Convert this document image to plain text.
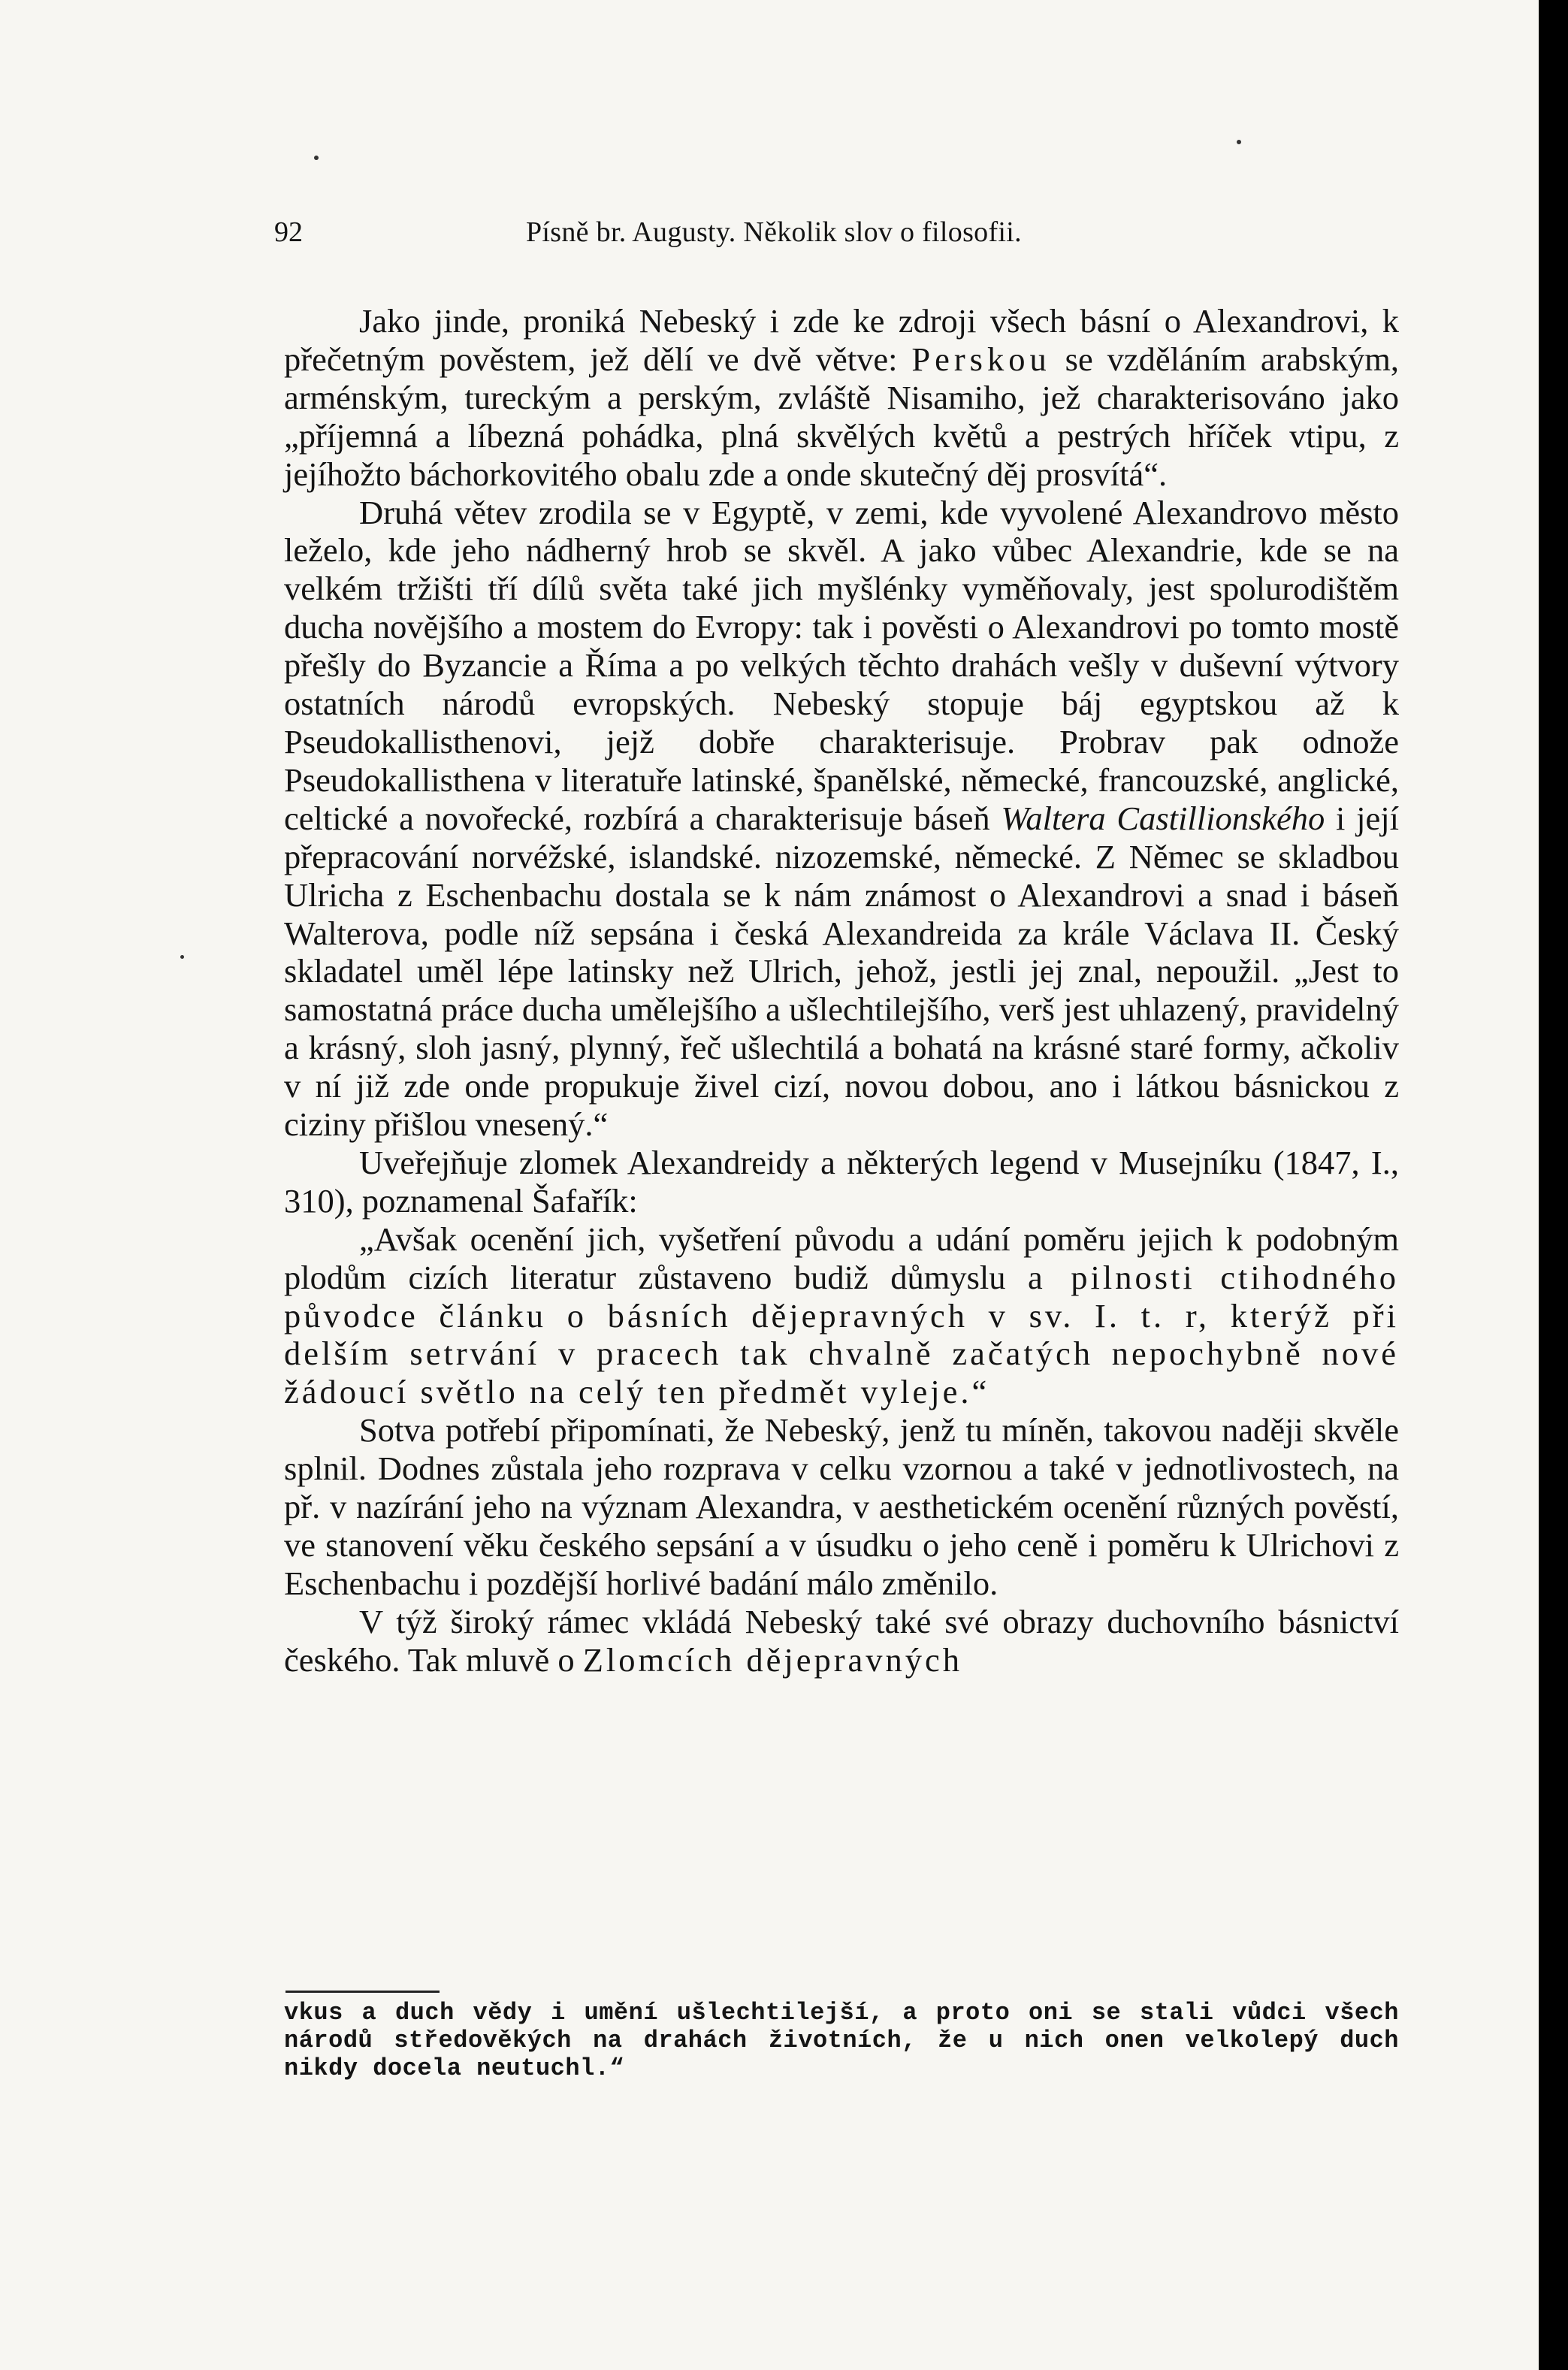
92	Písně br. Augusty. Několik slov o filosofii.

Jako jinde, proniká Nebeský i zde ke zdroji všech básní o Alexandrovi, k přečetným pověstem, jež dělí ve dvě větve: Perskou se vzděláním arabským, arménským, tureckým a perským, zvláště Nisamiho, jež charakterisováno jako „příjemná a líbezná pohádka, plná skvělých květů a pestrých hříček vtipu, z jejíhožto báchorkovitého obalu zde a onde skutečný děj prosvítá“.

Druhá větev zrodila se v Egyptě, v zemi, kde vyvolené Alexandrovo město leželo, kde jeho nádherný hrob se skvěl. A jako vůbec Alexandrie, kde se na velkém tržišti tří dílů světa také jich myšlénky vyměňovaly, jest spolurodištěm ducha novějšího a mostem do Evropy: tak i pověsti o Alexandrovi po tomto mostě přešly do Byzancie a Říma a po velkých těchto drahách vešly v duševní výtvory ostatních národů evropských. Nebeský stopuje báj egyptskou až k Pseudokallisthenovi, jejž dobře charakterisuje. Probrav pak odnože Pseudokallisthena v literatuře latinské, španělské, německé, francouzské, anglické, celtické a novořecké, rozbírá a charakterisuje báseň Waltera Castillionského i její přepracování norvéžské, islandské. nizozemské, německé. Z Němec se skladbou Ulricha z Eschenbachu dostala se k nám známost o Alexandrovi a snad i báseň Walterova, podle níž sepsána i česká Alexandreida za krále Václava II. Český skladatel uměl lépe latinsky než Ulrich, jehož, jestli jej znal, nepoužil. „Jest to samostatná práce ducha umělejšího a ušlechtilejšího, verš jest uhlazený, pravidelný a krásný, sloh jasný, plynný, řeč ušlechtilá a bohatá na krásné staré formy, ačkoliv v ní již zde onde propukuje živel cizí, novou dobou, ano i látkou básnickou z ciziny přišlou vnesený.“

Uveřejňuje zlomek Alexandreidy a některých legend v Musejníku (1847, I., 310), poznamenal Šafařík:

„Avšak ocenění jich, vyšetření původu a udání poměru jejich k podobným plodům cizích literatur zůstaveno budiž důmyslu a pilnosti ctihodného původce článku o básních dějepravných v sv. I. t. r, kterýž při delším setrvání v pracech tak chvalně začatých nepochybně nové žádoucí světlo na celý ten předmět vyleje.“

Sotva potřebí připomínati, že Nebeský, jenž tu míněn, takovou naději skvěle splnil. Dodnes zůstala jeho rozprava v celku vzornou a také v jednotlivostech, na př. v nazírání jeho na význam Alexandra, v aesthetickém ocenění různých pověstí, ve stanovení věku českého sepsání a v úsudku o jeho ceně i poměru k Ulrichovi z Eschenbachu i pozdější horlivé badání málo změnilo.

V týž široký rámec vkládá Nebeský také své obrazy duchovního básnictví českého. Tak mluvě o Zlomcích dějepravných

vkus a duch vědy i umění ušlechtilejší, a proto oni se stali vůdci všech národů středověkých na drahách životních, že u nich onen velkolepý duch nikdy docela neutuchl.“
